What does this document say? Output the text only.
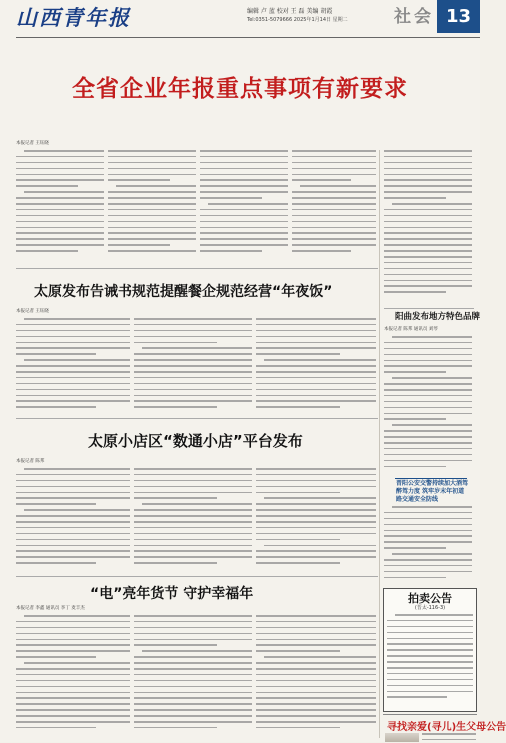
山西青年报	编辑 卢 蓝 校对 王 磊 美编 胡霞
Tel:0351-5079666 2025年1月14日 星期二	社会 13
全省企业年报重点事项有新要求
本报记者 王钰晓
太原发布告诫书规范提醒餐企规范经营“年夜饭”
本报记者 王钰晓
阳曲发布地方特色品牌
本报记者 陈邦 通讯员 刘琴
晋阳公安交警持续加大酒驾醉驾力度 筑牢岁末年初道路交通安全防线
太原小店区“数通小店”平台发布
本报记者 陈邦
“电”亮年货节 守护幸福年
本报记者 李鑫 通讯员 李丁 麦丰杰
拍卖公告
(晋太-116-3)
寻找亲爱(寻儿)生父母公告
